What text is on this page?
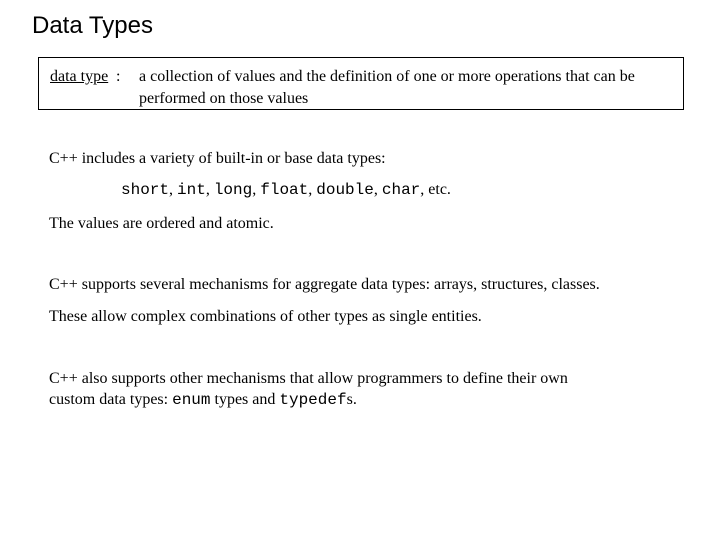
Data Types
data type : a collection of values and the definition of one or more operations that can be performed on those values
C++ includes a variety of built-in or base data types:
short, int, long, float, double, char, etc.
The values are ordered and atomic.
C++ supports several mechanisms for aggregate data types: arrays, structures, classes.
These allow complex combinations of other types as single entities.
C++ also supports other mechanisms that allow programmers to define their own
custom data types: enum types and typedefs.
